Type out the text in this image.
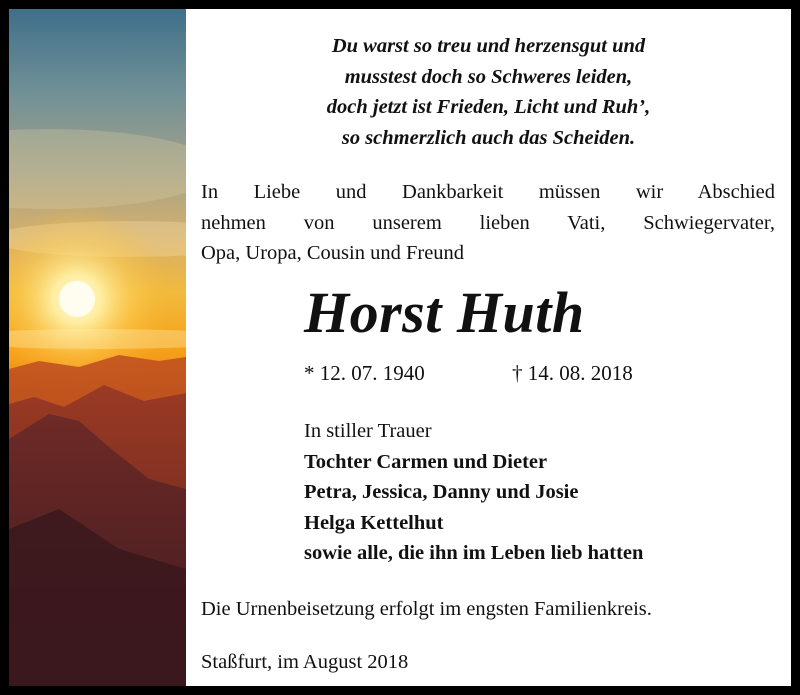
Du warst so treu und herzensgut und
musstest doch so Schweres leiden,
doch jetzt ist Frieden, Licht und Ruh’,
so schmerzlich auch das Scheiden.
In Liebe und Dankbarkeit müssen wir Abschied
nehmen von unserem lieben Vati, Schwiegervater,
Opa, Uropa, Cousin und Freund
Horst Huth
* 12. 07. 1940	† 14. 08. 2018
In stiller Trauer
Tochter Carmen und Dieter
Petra, Jessica, Danny und Josie
Helga Kettelhut
sowie alle, die ihn im Leben lieb hatten
Die Urnenbeisetzung erfolgt im engsten Familienkreis.
Staßfurt, im August 2018
